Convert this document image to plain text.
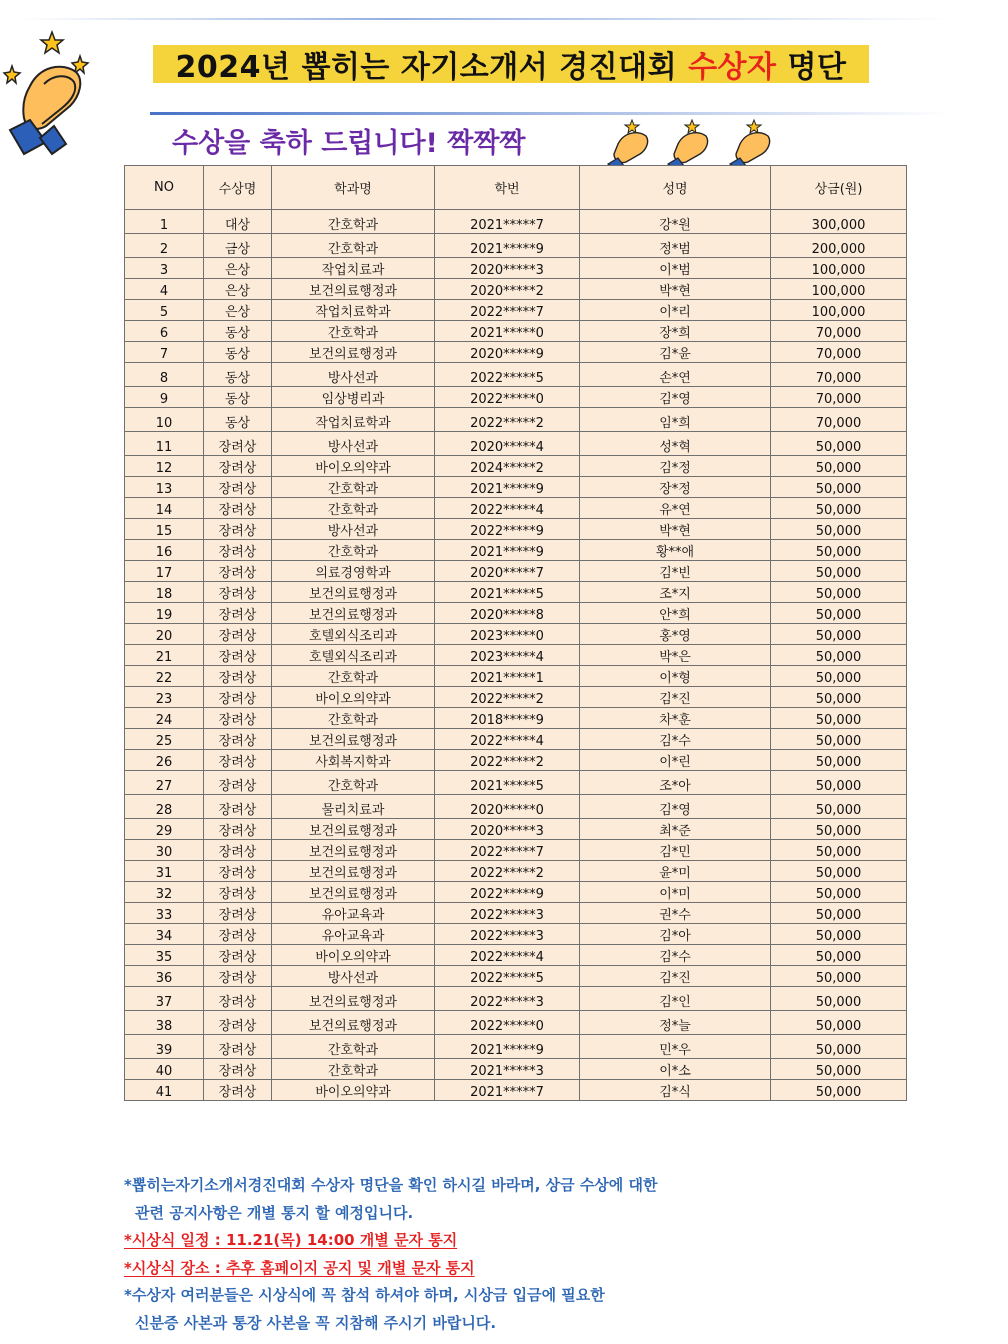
2024년 뽑히는 자기소개서 경진대회 수상자 명단
수상을 축하 드립니다! 짝짝짝
NO	수상명	학과명	학번	성명	상금(원)
1	대상	간호학과	2021*****7	강*원	300,000
2	금상	간호학과	2021*****9	정*범	200,000
3	은상	작업치료과	2020*****3	이*범	100,000
4	은상	보건의료행정과	2020*****2	박*현	100,000
5	은상	작업치료학과	2022*****7	이*리	100,000
6	동상	간호학과	2021*****0	장*희	70,000
7	동상	보건의료행정과	2020*****9	김*윤	70,000
8	동상	방사선과	2022*****5	손*연	70,000
9	동상	임상병리과	2022*****0	김*영	70,000
10	동상	작업치료학과	2022*****2	임*희	70,000
11	장려상	방사선과	2020*****4	성*혁	50,000
12	장려상	바이오의약과	2024*****2	김*정	50,000
13	장려상	간호학과	2021*****9	장*정	50,000
14	장려상	간호학과	2022*****4	유*연	50,000
15	장려상	방사선과	2022*****9	박*현	50,000
16	장려상	간호학과	2021*****9	황**애	50,000
17	장려상	의료경영학과	2020*****7	김*빈	50,000
18	장려상	보건의료행정과	2021*****5	조*지	50,000
19	장려상	보건의료행정과	2020*****8	안*희	50,000
20	장려상	호텔외식조리과	2023*****0	홍*영	50,000
21	장려상	호텔외식조리과	2023*****4	박*은	50,000
22	장려상	간호학과	2021*****1	이*형	50,000
23	장려상	바이오의약과	2022*****2	김*진	50,000
24	장려상	간호학과	2018*****9	차*훈	50,000
25	장려상	보건의료행정과	2022*****4	김*수	50,000
26	장려상	사회복지학과	2022*****2	이*린	50,000
27	장려상	간호학과	2021*****5	조*아	50,000
28	장려상	물리치료과	2020*****0	김*영	50,000
29	장려상	보건의료행정과	2020*****3	최*준	50,000
30	장려상	보건의료행정과	2022*****7	김*민	50,000
31	장려상	보건의료행정과	2022*****2	윤*미	50,000
32	장려상	보건의료행정과	2022*****9	이*미	50,000
33	장려상	유아교육과	2022*****3	권*수	50,000
34	장려상	유아교육과	2022*****3	김*아	50,000
35	장려상	바이오의약과	2022*****4	김*수	50,000
36	장려상	방사선과	2022*****5	김*진	50,000
37	장려상	보건의료행정과	2022*****3	김*인	50,000
38	장려상	보건의료행정과	2022*****0	정*늘	50,000
39	장려상	간호학과	2021*****9	민*우	50,000
40	장려상	간호학과	2021*****3	이*소	50,000
41	장려상	바이오의약과	2021*****7	김*식	50,000
*뽑히는자기소개서경진대회 수상자 명단을 확인 하시길 바라며, 상금 수상에 대한
관련 공지사항은 개별 통지 할 예정입니다.
*시상식 일정 : 11.21(목) 14:00 개별 문자 통지
*시상식 장소 : 추후 홈페이지 공지 및 개별 문자 통지
*수상자 여러분들은 시상식에 꼭 참석 하셔야 하며, 시상금 입금에 필요한
신분증 사본과 통장 사본을 꼭 지참해 주시기 바랍니다.
